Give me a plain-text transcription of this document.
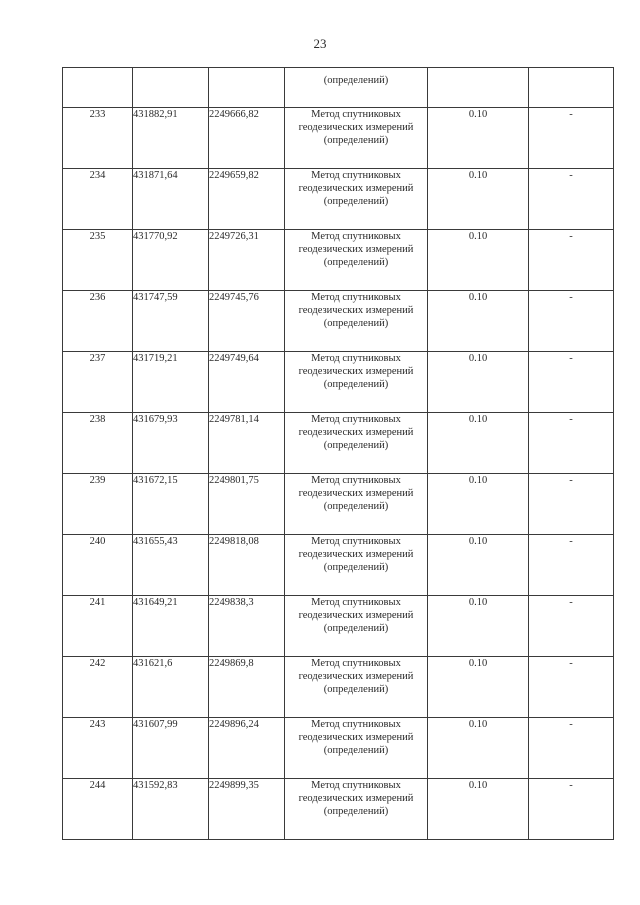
23
			(определений)		
233	431882,91	2249666,82	Метод спутниковых
геодезических измерений
(определений)	0.10	-
234	431871,64	2249659,82	Метод спутниковых
геодезических измерений
(определений)	0.10	-
235	431770,92	2249726,31	Метод спутниковых
геодезических измерений
(определений)	0.10	-
236	431747,59	2249745,76	Метод спутниковых
геодезических измерений
(определений)	0.10	-
237	431719,21	2249749,64	Метод спутниковых
геодезических измерений
(определений)	0.10	-
238	431679,93	2249781,14	Метод спутниковых
геодезических измерений
(определений)	0.10	-
239	431672,15	2249801,75	Метод спутниковых
геодезических измерений
(определений)	0.10	-
240	431655,43	2249818,08	Метод спутниковых
геодезических измерений
(определений)	0.10	-
241	431649,21	2249838,3	Метод спутниковых
геодезических измерений
(определений)	0.10	-
242	431621,6	2249869,8	Метод спутниковых
геодезических измерений
(определений)	0.10	-
243	431607,99	2249896,24	Метод спутниковых
геодезических измерений
(определений)	0.10	-
244	431592,83	2249899,35	Метод спутниковых
геодезических измерений
(определений)	0.10	-
